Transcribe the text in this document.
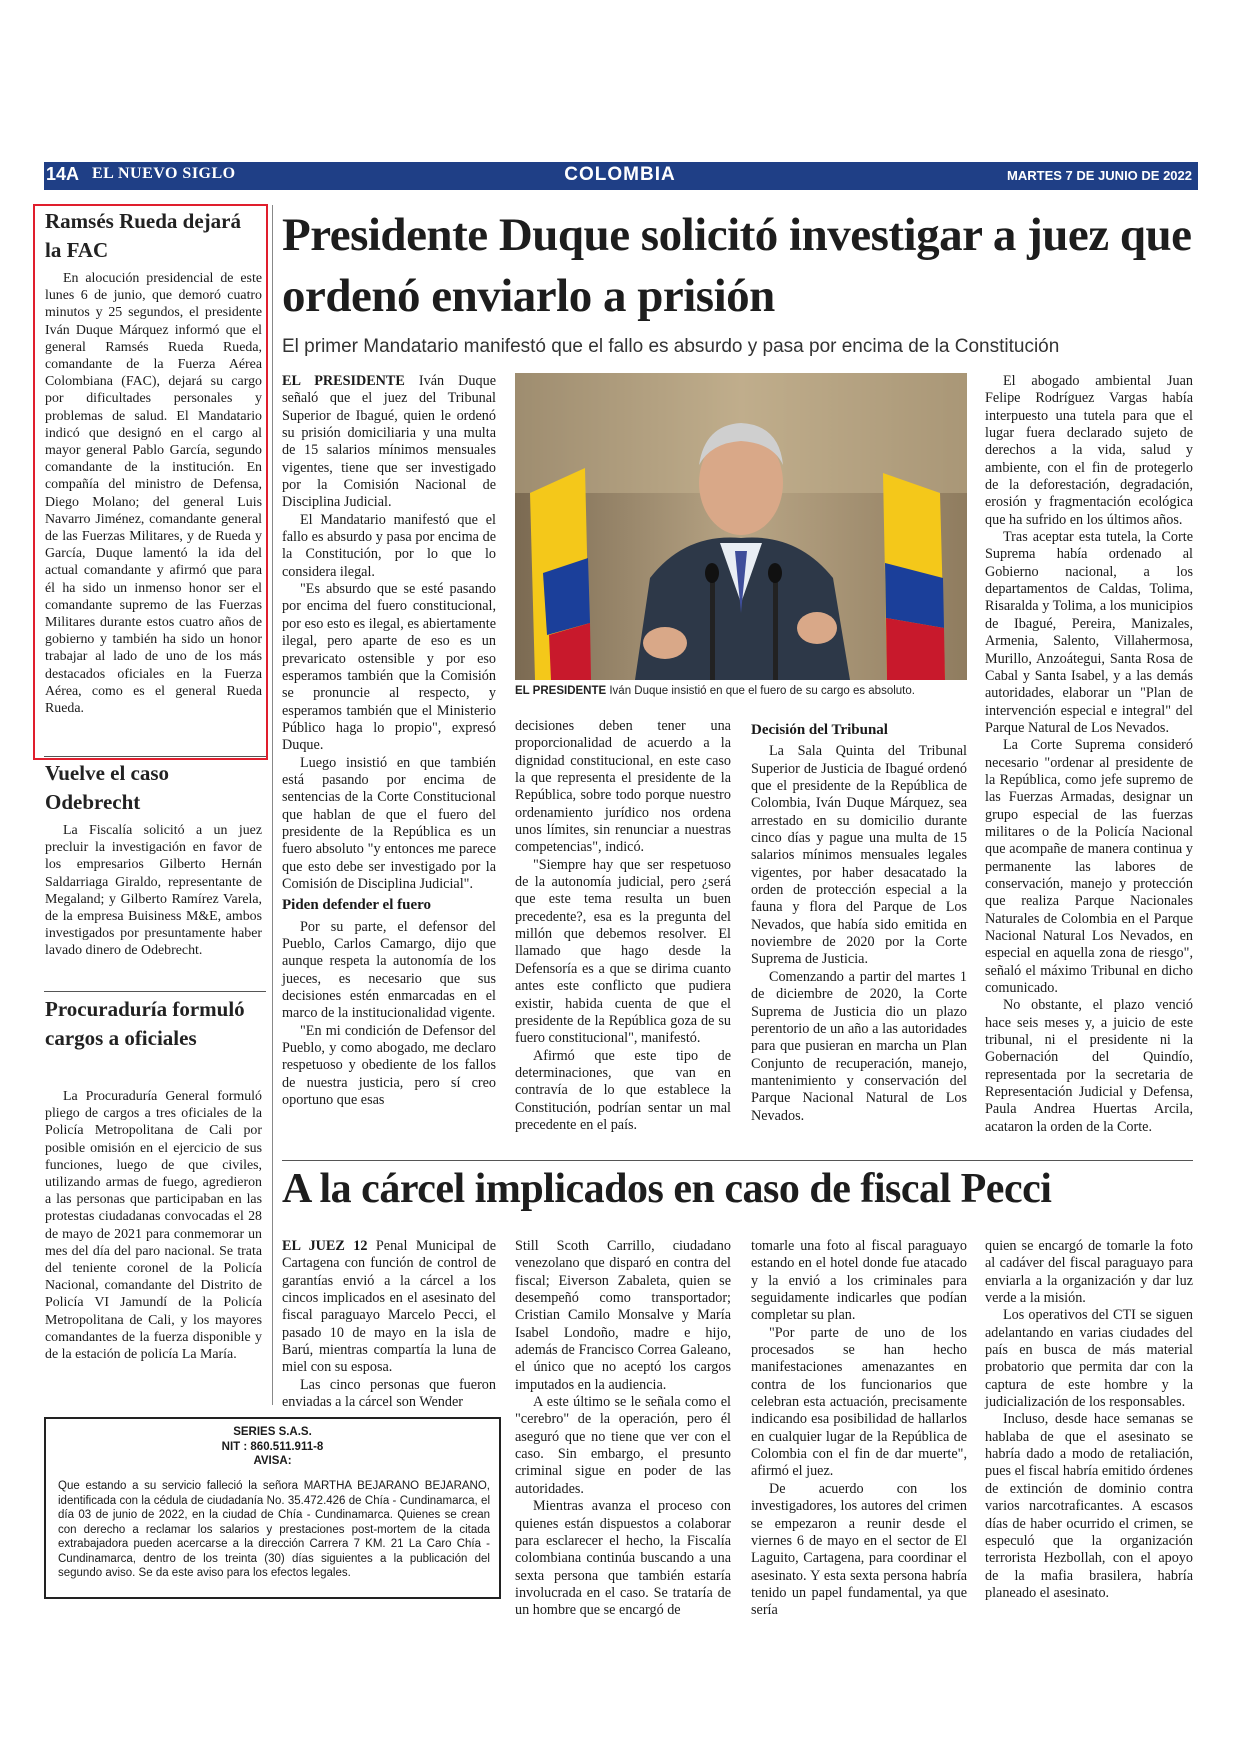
14A EL NUEVO SIGLO	COLOMBIA	MARTES 7 DE JUNIO DE 2022
Ramsés Rueda dejará la FAC

En alocución presidencial de este lunes 6 de junio, que demoró cuatro minutos y 25 segundos, el presidente Iván Duque Márquez informó que el general Ramsés Rueda Rueda, comandante de la Fuerza Aérea Colombiana (FAC), dejará su cargo por dificultades personales y problemas de salud. El Mandatario indicó que designó en el cargo al mayor general Pablo García, segundo comandante de la institución. En compañía del ministro de Defensa, Diego Molano; del general Luis Navarro Jiménez, comandante general de las Fuerzas Militares, y de Rueda y García, Duque lamentó la ida del actual comandante y afirmó que para él ha sido un inmenso honor ser el comandante supremo de las Fuerzas Militares durante estos cuatro años de gobierno y también ha sido un honor trabajar al lado de uno de los más destacados oficiales en la Fuerza Aérea, como es el general Rueda Rueda.

Vuelve el caso Odebrecht

La Fiscalía solicitó a un juez precluir la investigación en favor de los empresarios Gilberto Hernán Saldarriaga Giraldo, representante de Megaland; y Gilberto Ramírez Varela, de la empresa Buisiness M&E, ambos investigados por presuntamente haber lavado dinero de Odebrecht.

Procuraduría formuló cargos a oficiales

La Procuraduría General formuló pliego de cargos a tres oficiales de la Policía Metropolitana de Cali por posible omisión en el ejercicio de sus funciones, luego de que civiles, utilizando armas de fuego, agredieron a las personas que participaban en las protestas ciudadanas convocadas el 28 de mayo de 2021 para conmemorar un mes del día del paro nacional. Se trata del teniente coronel de la Policía Nacional, comandante del Distrito de Policía VI Jamundí de la Policía Metropolitana de Cali, y los mayores comandantes de la fuerza disponible y de la estación de policía La María.

Presidente Duque solicitó investigar a juez que ordenó enviarlo a prisión
El primer Mandatario manifestó que el fallo es absurdo y pasa por encima de la Constitución

EL PRESIDENTE Iván Duque señaló que el juez del Tribunal Superior de Ibagué, quien le ordenó su prisión domiciliaria y una multa de 15 salarios mínimos mensuales vigentes, tiene que ser investigado por la Comisión Nacional de Disciplina Judicial.

El Mandatario manifestó que el fallo es absurdo y pasa por encima de la Constitución, por lo que lo considera ilegal.

"Es absurdo que se esté pasando por encima del fuero constitucional, por eso esto es ilegal, es abiertamente ilegal, pero aparte de eso es un prevaricato ostensible y por eso esperamos también que la Comisión se pronuncie al respecto, y esperamos también que el Ministerio Público haga lo propio", expresó Duque.

Luego insistió en que también está pasando por encima de sentencias de la Corte Constitucional que hablan de que el fuero del presidente de la República es un fuero absoluto "y entonces me parece que esto debe ser investigado por la Comisión de Disciplina Judicial".

Piden defender el fuero

Por su parte, el defensor del Pueblo, Carlos Camargo, dijo que aunque respeta la autonomía de los jueces, es necesario que sus decisiones estén enmarcadas en el marco de la institucionalidad vigente.

"En mi condición de Defensor del Pueblo, y como abogado, me declaro respetuoso y obediente de los fallos de nuestra justicia, pero sí creo oportuno que esas

EL PRESIDENTE Iván Duque insistió en que el fuero de su cargo es absoluto.

decisiones deben tener una proporcionalidad de acuerdo a la dignidad constitucional, en este caso la que representa el presidente de la República, sobre todo porque nuestro ordenamiento jurídico nos ordena unos límites, sin renunciar a nuestras competencias", indicó.

"Siempre hay que ser respetuoso de la autonomía judicial, pero ¿será que este tema resulta un buen precedente?, esa es la pregunta del millón que debemos resolver. El llamado que hago desde la Defensoría es a que se dirima cuanto antes este conflicto que pudiera existir, habida cuenta de que el presidente de la República goza de su fuero constitucional", manifestó.

Afirmó que este tipo de determinaciones, que van en contravía de lo que establece la Constitución, podrían sentar un mal precedente en el país.

Decisión del Tribunal

La Sala Quinta del Tribunal Superior de Justicia de Ibagué ordenó que el presidente de la República de Colombia, Iván Duque Márquez, sea arrestado en su domicilio durante cinco días y pague una multa de 15 salarios mínimos mensuales legales vigentes, por haber desacatado la orden de protección especial a la fauna y flora del Parque de Los Nevados, que había sido emitida en noviembre de 2020 por la Corte Suprema de Justicia.

Comenzando a partir del martes 1 de diciembre de 2020, la Corte Suprema de Justicia dio un plazo perentorio de un año a las autoridades para que pusieran en marcha un Plan Conjunto de recuperación, manejo, mantenimiento y conservación del Parque Nacional Natural de Los Nevados.

El abogado ambiental Juan Felipe Rodríguez Vargas había interpuesto una tutela para que el lugar fuera declarado sujeto de derechos a la vida, salud y ambiente, con el fin de protegerlo de la deforestación, degradación, erosión y fragmentación ecológica que ha sufrido en los últimos años.

Tras aceptar esta tutela, la Corte Suprema había ordenado al Gobierno nacional, a los departamentos de Caldas, Tolima, Risaralda y Tolima, a los municipios de Ibagué, Pereira, Manizales, Armenia, Salento, Villahermosa, Murillo, Anzoátegui, Santa Rosa de Cabal y Santa Isabel, y a las demás autoridades, elaborar un "Plan de intervención especial e integral" del Parque Natural de Los Nevados.

La Corte Suprema consideró necesario "ordenar al presidente de la República, como jefe supremo de las Fuerzas Armadas, designar un grupo especial de las fuerzas militares o de la Policía Nacional que acompañe de manera continua y permanente las labores de conservación, manejo y protección que realiza Parque Nacionales Naturales de Colombia en el Parque Nacional Natural Los Nevados, en especial en aquella zona de riesgo", señaló el máximo Tribunal en dicho comunicado.

No obstante, el plazo venció hace seis meses y, a juicio de este tribunal, ni el presidente ni la Gobernación del Quindío, representada por la secretaria de Representación Judicial y Defensa, Paula Andrea Huertas Arcila, acataron la orden de la Corte.

A la cárcel implicados en caso de fiscal Pecci

EL JUEZ 12 Penal Municipal de Cartagena con función de control de garantías envió a la cárcel a los cincos implicados en el asesinato del fiscal paraguayo Marcelo Pecci, el pasado 10 de mayo en la isla de Barú, mientras compartía la luna de miel con su esposa.

Las cinco personas que fueron enviadas a la cárcel son Wender

Still Scoth Carrillo, ciudadano venezolano que disparó en contra del fiscal; Eiverson Zabaleta, quien se desempeñó como transportador; Cristian Camilo Monsalve y María Isabel Londoño, madre e hijo, además de Francisco Correa Galeano, el único que no aceptó los cargos imputados en la audiencia.

A este último se le señala como el "cerebro" de la operación, pero él aseguró que no tiene que ver con el caso. Sin embargo, el presunto criminal sigue en poder de las autoridades.

Mientras avanza el proceso con quienes están dispuestos a colaborar para esclarecer el hecho, la Fiscalía colombiana continúa buscando a una sexta persona que también estaría involucrada en el caso. Se trataría de un hombre que se encargó de

tomarle una foto al fiscal paraguayo estando en el hotel donde fue atacado y la envió a los criminales para seguidamente indicarles que podían completar su plan.

"Por parte de uno de los procesados se han hecho manifestaciones amenazantes en contra de los funcionarios que celebran esta actuación, precisamente indicando esa posibilidad de hallarlos en cualquier lugar de la República de Colombia con el fin de dar muerte", afirmó el juez.

De acuerdo con los investigadores, los autores del crimen se empezaron a reunir desde el viernes 6 de mayo en el sector de El Laguito, Cartagena, para coordinar el asesinato. Y esta sexta persona habría tenido un papel fundamental, ya que sería

quien se encargó de tomarle la foto al cadáver del fiscal paraguayo para enviarla a la organización y dar luz verde a la misión.

Los operativos del CTI se siguen adelantando en varias ciudades del país en busca de más material probatorio que permita dar con la captura de este hombre y la judicialización de los responsables.

Incluso, desde hace semanas se hablaba de que el asesinato se habría dado a modo de retaliación, pues el fiscal habría emitido órdenes de extinción de dominio contra varios narcotraficantes. A escasos días de haber ocurrido el crimen, se especuló que la organización terrorista Hezbollah, con el apoyo de la mafia brasilera, habría planeado el asesinato.

SERIES S.A.S.
NIT : 860.511.911-8
AVISA:
Que estando a su servicio falleció la señora MARTHA BEJARANO BEJARANO, identificada con la cédula de ciudadanía No. 35.472.426 de Chía - Cundinamarca, el día 03 de junio de 2022, en la ciudad de Chía - Cundinamarca. Quienes se crean con derecho a reclamar los salarios y prestaciones post-mortem de la citada extrabajadora pueden acercarse a la dirección Carrera 7 KM. 21 La Caro Chía - Cundinamarca, dentro de los treinta (30) días siguientes a la publicación del segundo aviso. Se da este aviso para los efectos legales.
